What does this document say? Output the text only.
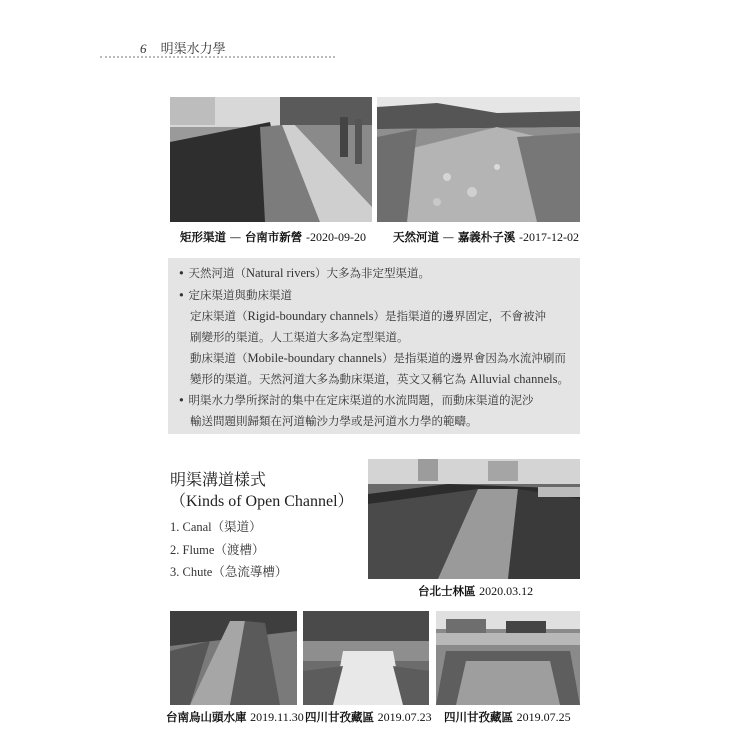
6 明渠水力學
矩形渠道 — 台南市新營 -2020-09-20 天然河道 — 嘉義朴子溪 -2017-12-02
• 天然河道（Natural rivers）大多為非定型渠道。
• 定床渠道與動床渠道
定床渠道（Rigid-boundary channels）是指渠道的邊界固定，不會被沖
刷變形的渠道。人工渠道大多為定型渠道。
動床渠道（Mobile-boundary channels）是指渠道的邊界會因為水流沖刷而
變形的渠道。天然河道大多為動床渠道，英文又稱它為 Alluvial channels。
• 明渠水力學所探討的集中在定床渠道的水流問題，而動床渠道的泥沙
輸送問題則歸類在河道輸沙力學或是河道水力學的範疇。
明渠溝道樣式
（Kinds of Open Channel）
1. Canal（渠道）
2. Flume（渡槽）
3. Chute（急流導槽）
台北士林區 2020.03.12
台南烏山頭水庫 2019.11.30 四川甘孜藏區 2019.07.23 四川甘孜藏區 2019.07.25
